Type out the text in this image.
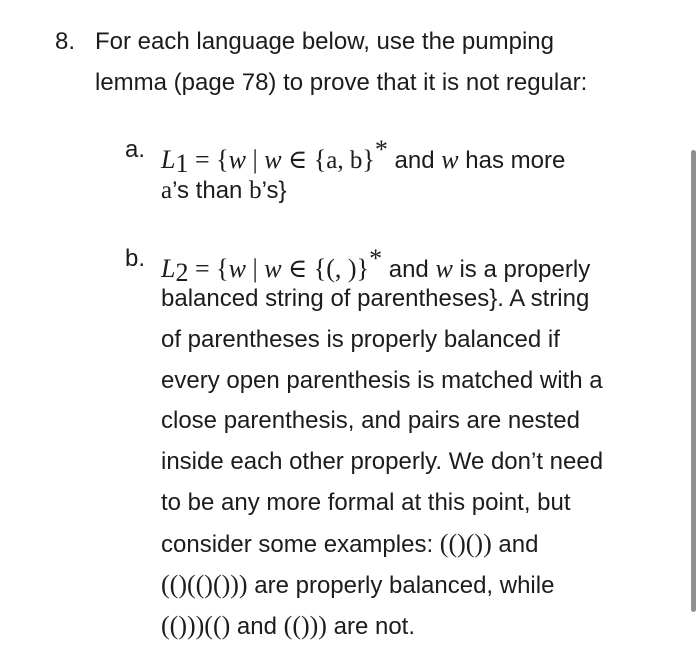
8. For each language below, use the pumping
lemma (page 78) to prove that it is not regular:
a. $L_1 = \{w$ | w ∈ {a, b}* and w has more
a’s than b’s}
b. $L_2 = \{w$ | w ∈ {(, )}* and w is a properly
balanced string of parentheses}. A string
of parentheses is properly balanced if
every open parenthesis is matched with a
close parenthesis, and pairs are nested
inside each other properly. We don’t need
to be any more formal at this point, but
consider some examples: (()()) and
(()(()())) are properly balanced, while
(()))(() and (())) are not.
